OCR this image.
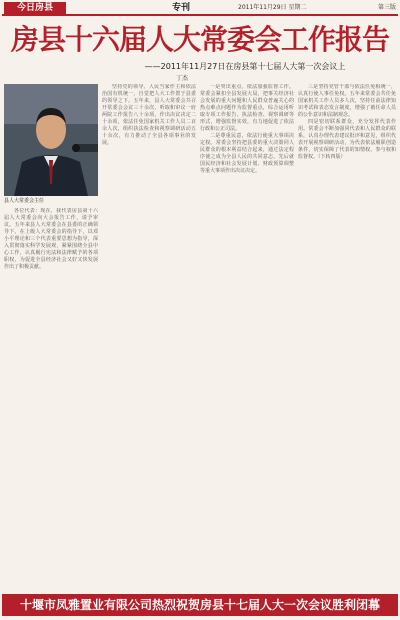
今日房县	专刊	2011年11月29日 星期二	第三版
房县十六届人大常委会工作报告
——2011年11月27日在房县第十七届人大第一次会议上
丁杰
县人大常委会主任

各位代表：现在，我代表房县第十六届人大常委会向大会报告工作，请予审议。五年来县人大常委会在县委的正确领导下，在上级人大常委会的指导下，以邓小平理论和三个代表重要思想为指导，深入贯彻落实科学发展观，紧紧围绕全县中心工作，认真履行宪法和法律赋予的各项职权，为促进全县经济社会又好又快发展作出了积极贡献。

坚持党的领导、人民当家作主和依法治国有机统一，自觉把人大工作置于县委的领导之下。五年来，县人大常委会共召开常委会会议三十余次，听取和审议一府两院工作报告八十余项，作出决议决定二十余项，依法任免国家机关工作人员二百余人次，组织执法检查和视察调研活动五十余次，有力推动了全县各项事业的发展。

一是突出重点，依法加强监督工作。常委会紧扣全县发展大局，把事关经济社会发展的重大问题和人民群众普遍关心的热点难点问题作为监督重点，综合运用听取专项工作报告、执法检查、视察调研等形式，增强监督实效，有力地促进了依法行政和公正司法。

二是尊重民意，依法行使重大事项决定权。常委会坚持把县委的重大决策同人民群众的根本利益结合起来，通过法定程序使之成为全县人民的共同意志，先后就国民经济和社会发展计划、财政预算调整等重大事项作出决议决定。

三是坚持党管干部与依法任免相统一，认真行使人事任免权。五年来常委会共任免国家机关工作人员多人次，坚持任前法律知识考试和表态发言制度，增强了被任命人员的公仆意识和法制观念。

四是密切联系群众，充分发挥代表作用。常委会不断加强同代表和人民群众的联系，认真办理代表建议批评和意见，组织代表开展视察调研活动，为代表依法履职创造条件，切实保障了代表的知情权、参与权和监督权。（下转四版）

十堰市凤雅置业有限公司热烈祝贺房县十七届人大一次会议胜利闭幕
